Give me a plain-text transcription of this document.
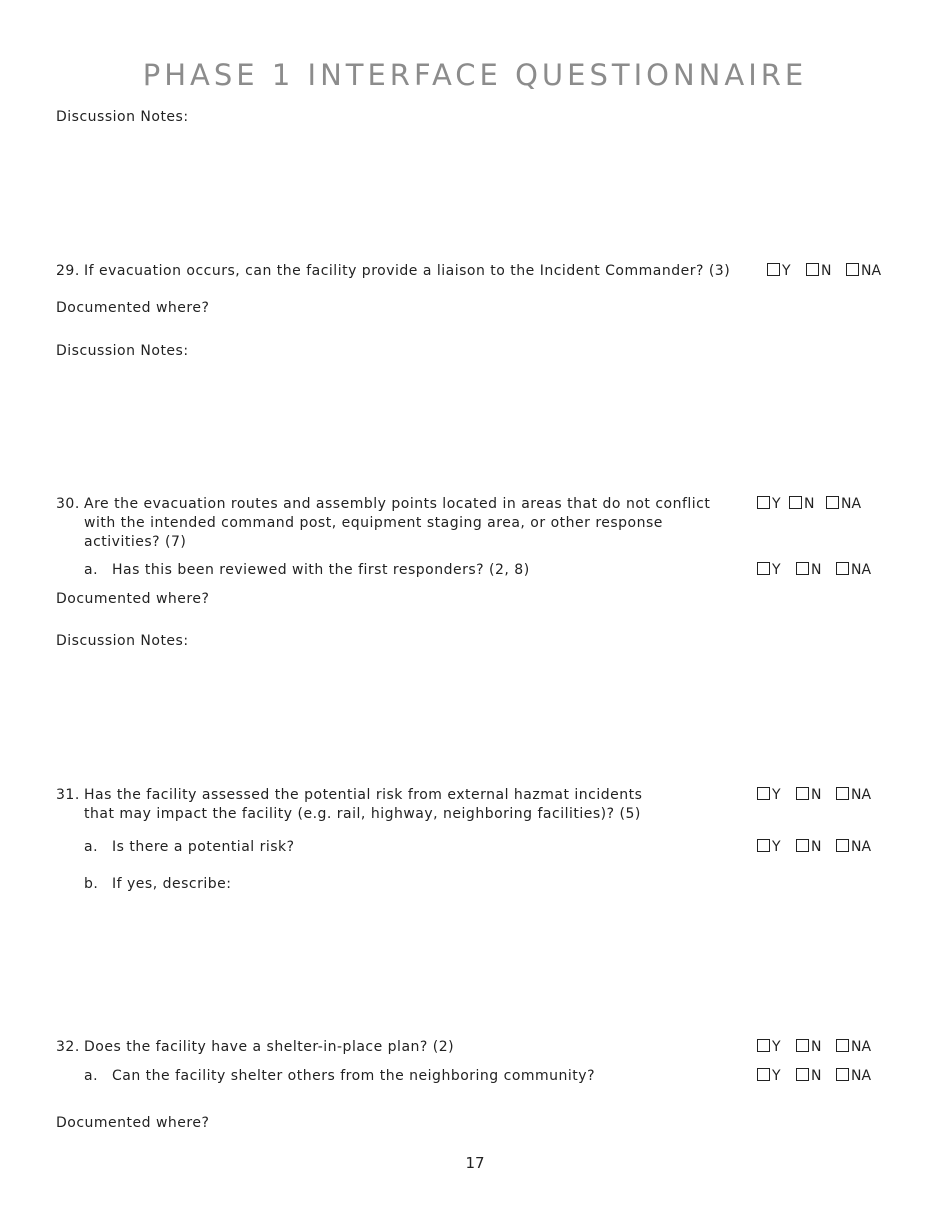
PHASE 1 INTERFACE QUESTIONNAIRE
Discussion Notes:
29. If evacuation occurs, can the facility provide a liaison to the Incident Commander? (3)	Y N NA
Documented where?
Discussion Notes:
30. Are the evacuation routes and assembly points located in areas that do not conflict
with the intended command post, equipment staging area, or other response
activities? (7)
Y N NA
a. Has this been reviewed with the first responders? (2, 8)	Y N NA
Documented where?
Discussion Notes:
31. Has the facility assessed the potential risk from external hazmat incidents
that may impact the facility (e.g. rail, highway, neighboring facilities)? (5)
Y N NA
a. Is there a potential risk?	Y N NA
b. If yes, describe:
32. Does the facility have a shelter-in-place plan? (2)	Y N NA
a. Can the facility shelter others from the neighboring community?	Y N NA
Documented where?
17
